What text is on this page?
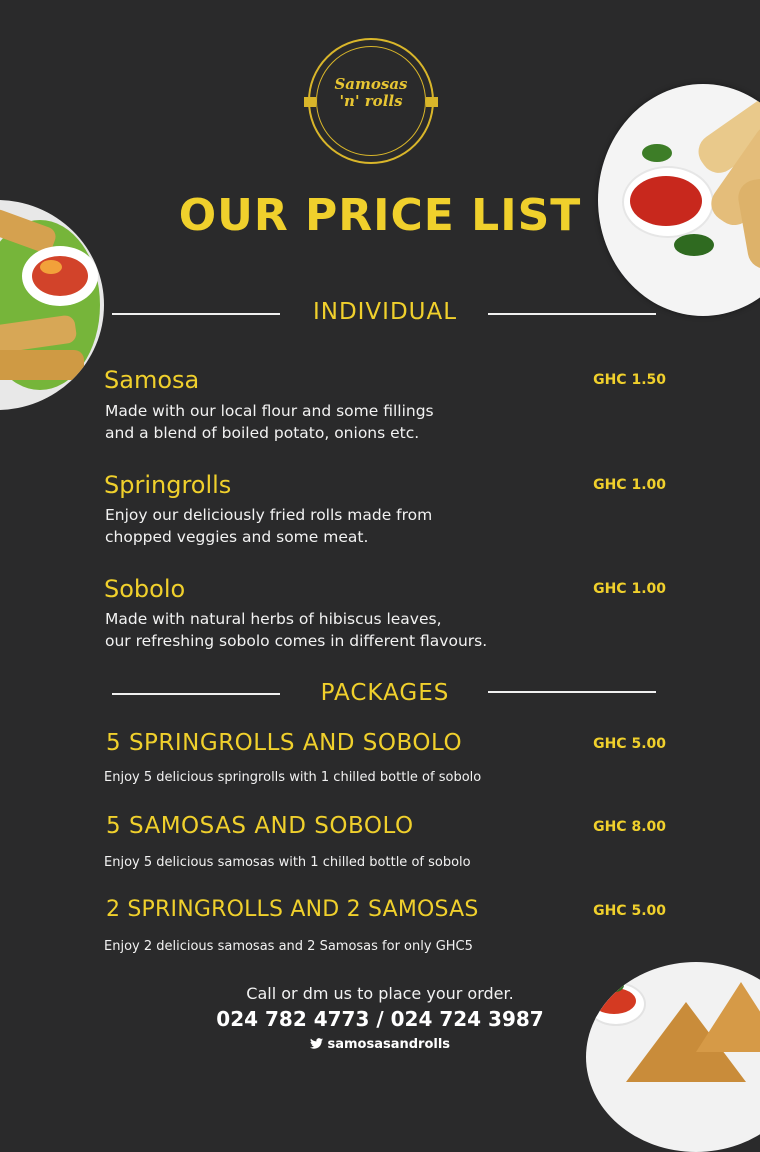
Samosas
'n' rolls
OUR PRICE LIST
INDIVIDUAL
Samosa	GHC 1.50
Made with our local flour and some fillings
and a blend of boiled potato, onions etc.
Springrolls	GHC 1.00
Enjoy our deliciously fried rolls made from
chopped veggies and some meat.
Sobolo	GHC 1.00
Made with natural herbs of hibiscus leaves,
our refreshing sobolo comes in different flavours.
PACKAGES
5 SPRINGROLLS AND SOBOLO	GHC 5.00
Enjoy 5 delicious springrolls with 1 chilled bottle of sobolo
5 SAMOSAS AND SOBOLO	GHC 8.00
Enjoy 5 delicious samosas with 1 chilled bottle of sobolo
2 SPRINGROLLS AND 2 SAMOSAS	GHC 5.00
Enjoy 2 delicious samosas and 2 Samosas for only GHC5
Call or dm us to place your order.
024 782 4773 / 024 724 3987
samosasandrolls
